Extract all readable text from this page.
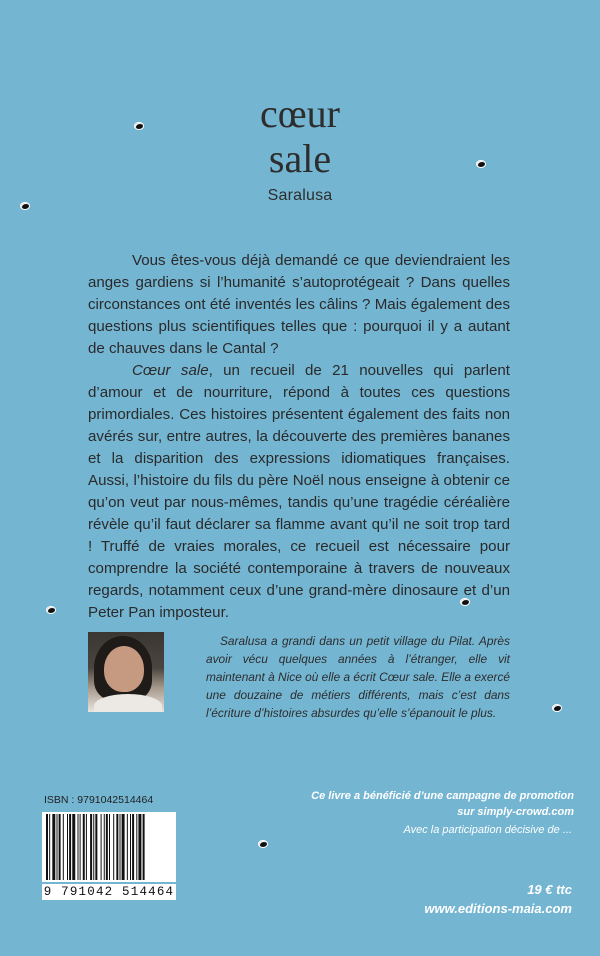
cœur
sale
Saralusa

Vous êtes-vous déjà demandé ce que deviendraient les anges gardiens si l’humanité s’autoprotégeait ? Dans quelles circonstances ont été inventés les câlins ? Mais également des questions plus scientifiques telles que : pourquoi il y a autant de chauves dans le Cantal ?

Cœur sale, un recueil de 21 nouvelles qui parlent d’amour et de nourriture, répond à toutes ces questions primordiales. Ces histoires présentent également des faits non avérés sur, entre autres, la découverte des premières bananes et la disparition des expressions idiomatiques françaises. Aussi, l’histoire du fils du père Noël nous enseigne à obtenir ce qu’on veut par nous-mêmes, tandis qu’une tragédie céréalière révèle qu’il faut déclarer sa flamme avant qu’il ne soit trop tard ! Truffé de vraies morales, ce recueil est nécessaire pour comprendre la société contemporaine à travers de nouveaux regards, notamment ceux d’une grand-mère dinosaure et d’un Peter Pan imposteur.

Saralusa a grandi dans un petit village du Pilat. Après avoir vécu quelques années à l’étranger, elle vit maintenant à Nice où elle a écrit Cœur sale. Elle a exercé une douzaine de métiers différents, mais c’est dans l’écriture d’histoires absurdes qu’elle s’épanouit le plus.

ISBN : 9791042514464
9 791042 514464
Ce livre a bénéficié d’une campagne de promotion
sur simply-crowd.com
Avec la participation décisive de ...
19 € ttc
www.editions-maia.com
